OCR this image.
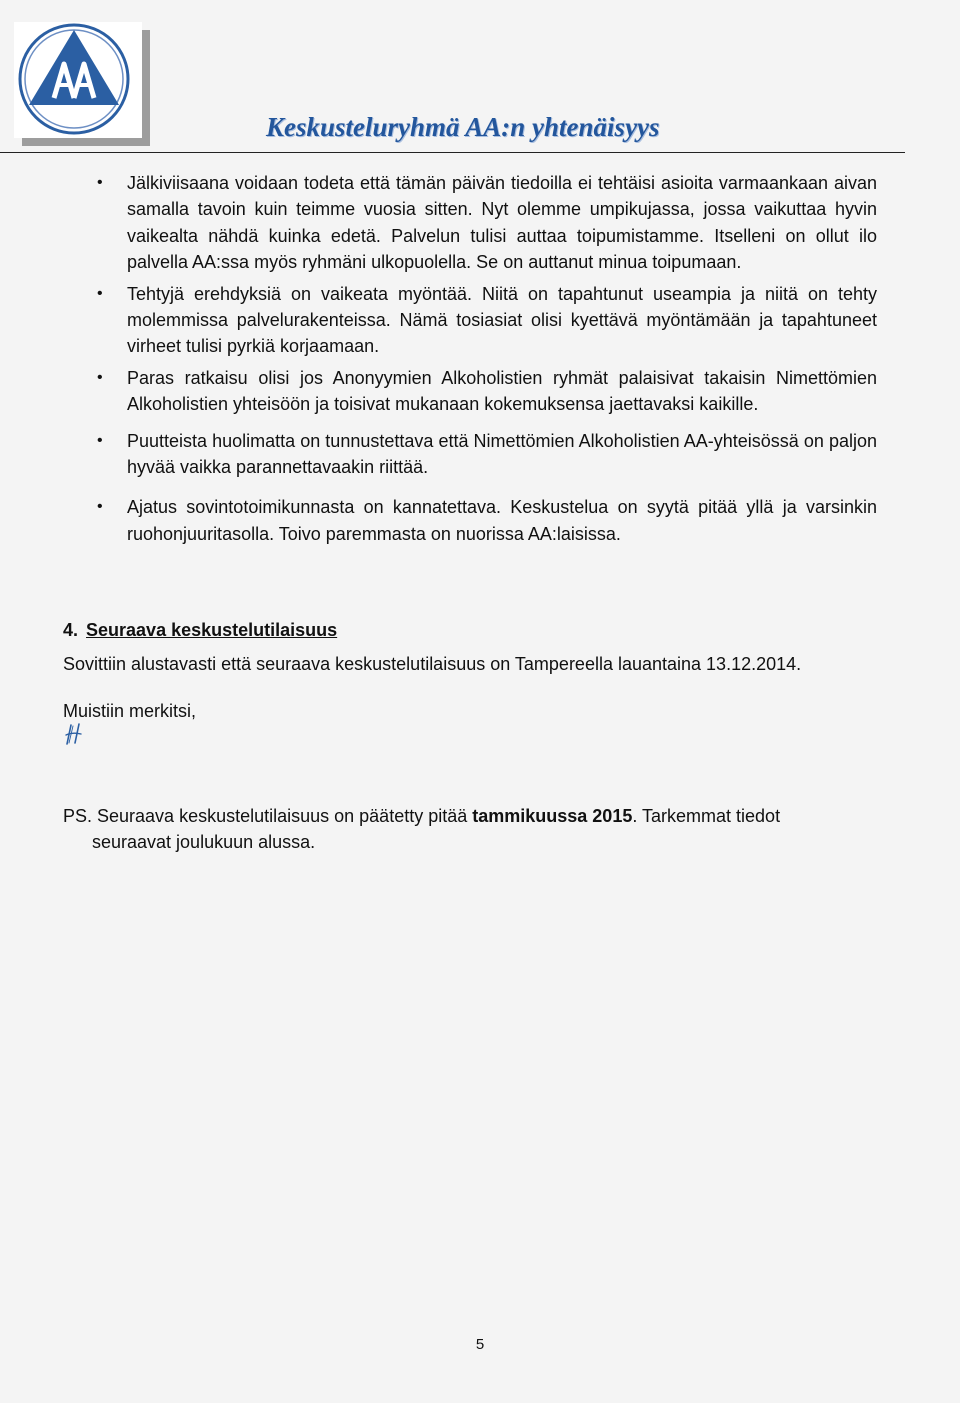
Keskusteluryhmä AA:n yhtenäisyys
• Jälkiviisaana voidaan todeta että tämän päivän tiedoilla ei tehtäisi asioita varmaankaan aivan samalla tavoin kuin teimme vuosia sitten. Nyt olemme umpikujassa, jossa vaikuttaa hyvin vaikealta nähdä kuinka edetä. Palvelun tulisi auttaa toipumistamme. Itselleni on ollut ilo palvella AA:ssa myös ryhmäni ulkopuolella. Se on auttanut minua toipumaan.
• Tehtyjä erehdyksiä on vaikeata myöntää. Niitä on tapahtunut useampia ja niitä on tehty molemmissa palvelurakenteissa. Nämä tosiasiat olisi kyettävä myöntämään ja tapahtuneet virheet tulisi pyrkiä korjaamaan.
• Paras ratkaisu olisi jos Anonyymien Alkoholistien ryhmät palaisivat takaisin Nimettömien Alkoholistien yhteisöön ja toisivat mukanaan kokemuksensa jaettavaksi kaikille.
• Puutteista huolimatta on tunnustettava että Nimettömien Alkoholistien AA-yhteisössä on paljon hyvää vaikka parannettavaakin riittää.
• Ajatus sovintotoimikunnasta on kannatettava. Keskustelua on syytä pitää yllä ja varsinkin ruohonjuuritasolla. Toivo paremmasta on nuorissa AA:laisissa.
4. Seuraava keskustelutilaisuus
Sovittiin alustavasti että seuraava keskustelutilaisuus on Tampereella lauantaina 13.12.2014.
Muistiin merkitsi,
PS. Seuraava keskustelutilaisuus on päätetty pitää tammikuussa 2015. Tarkemmat tiedot
seuraavat joulukuun alussa.
5
